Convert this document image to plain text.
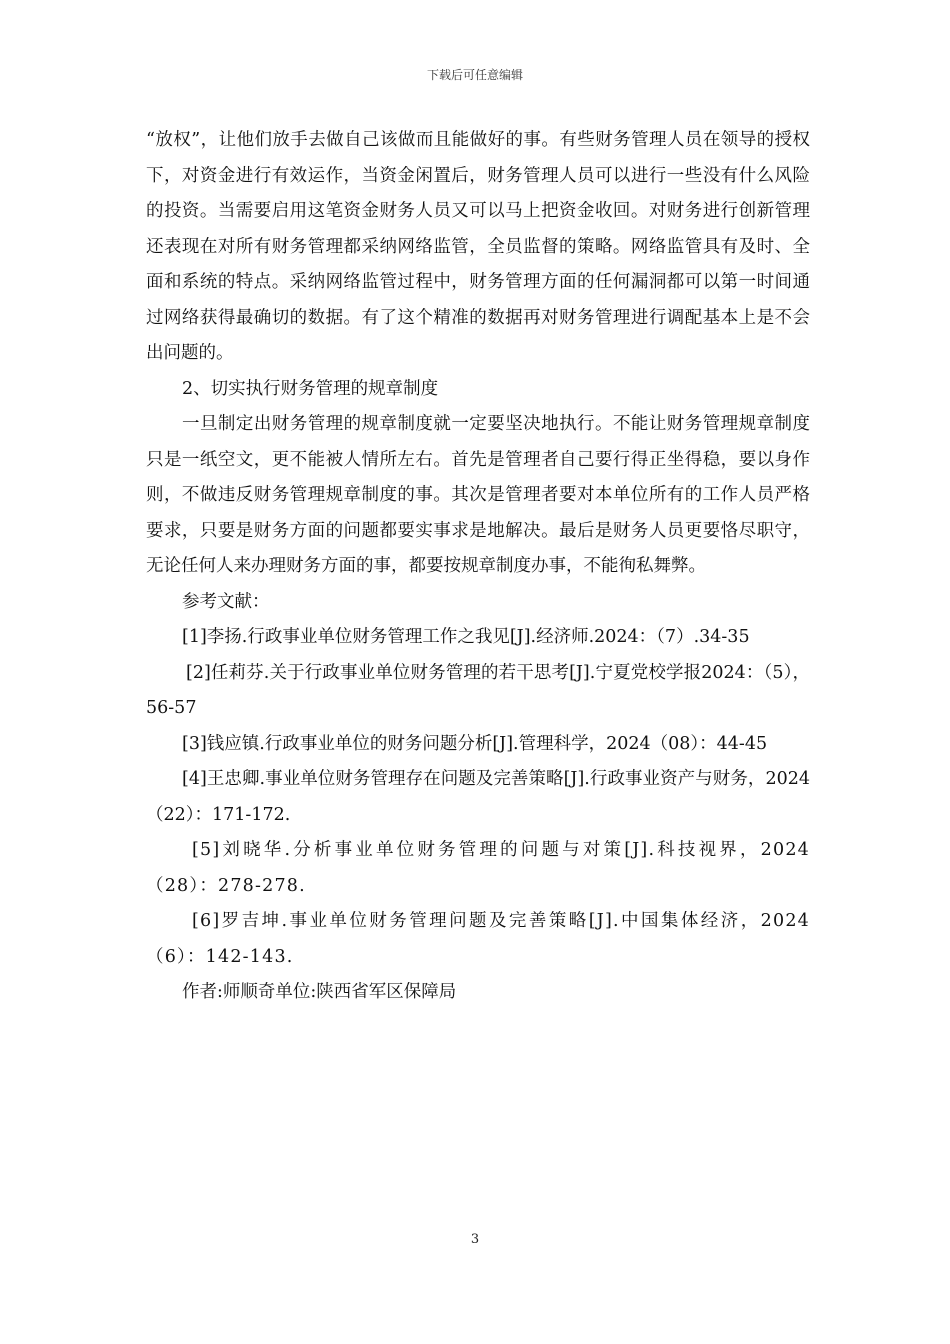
下载后可任意编辑

“放权”，让他们放手去做自己该做而且能做好的事。有些财务管理人员在领导的授权下，对资金进行有效运作，当资金闲置后，财务管理人员可以进行一些没有什么风险的投资。当需要启用这笔资金财务人员又可以马上把资金收回。对财务进行创新管理还表现在对所有财务管理都采纳网络监管，全员监督的策略。网络监管具有及时、全面和系统的特点。采纳网络监管过程中，财务管理方面的任何漏洞都可以第一时间通过网络获得最确切的数据。有了这个精准的数据再对财务管理进行调配基本上是不会出问题的。

2、切实执行财务管理的规章制度

一旦制定出财务管理的规章制度就一定要坚决地执行。不能让财务管理规章制度只是一纸空文，更不能被人情所左右。首先是管理者自己要行得正坐得稳，要以身作则，不做违反财务管理规章制度的事。其次是管理者要对本单位所有的工作人员严格要求，只要是财务方面的问题都要实事求是地解决。最后是财务人员更要恪尽职守，无论任何人来办理财务方面的事，都要按规章制度办事，不能徇私舞弊。

参考文献：

[1]李扬.行政事业单位财务管理工作之我见[J].经济师.2024：（7）.34-35

[2]任莉芬.关于行政事业单位财务管理的若干思考[J].宁夏党校学报2024：（5），56-57

[3]钱应镇.行政事业单位的财务问题分析[J].管理科学，2024（08）：44-45

[4]王忠卿.事业单位财务管理存在问题及完善策略[J].行政事业资产与财务，2024（22）：171-172.

[5]刘晓华.分析事业单位财务管理的问题与对策[J].科技视界，2024（28）：278-278.

[6]罗吉坤.事业单位财务管理问题及完善策略[J].中国集体经济，2024（6）：142-143.

作者:师顺奇单位:陕西省军区保障局

3
